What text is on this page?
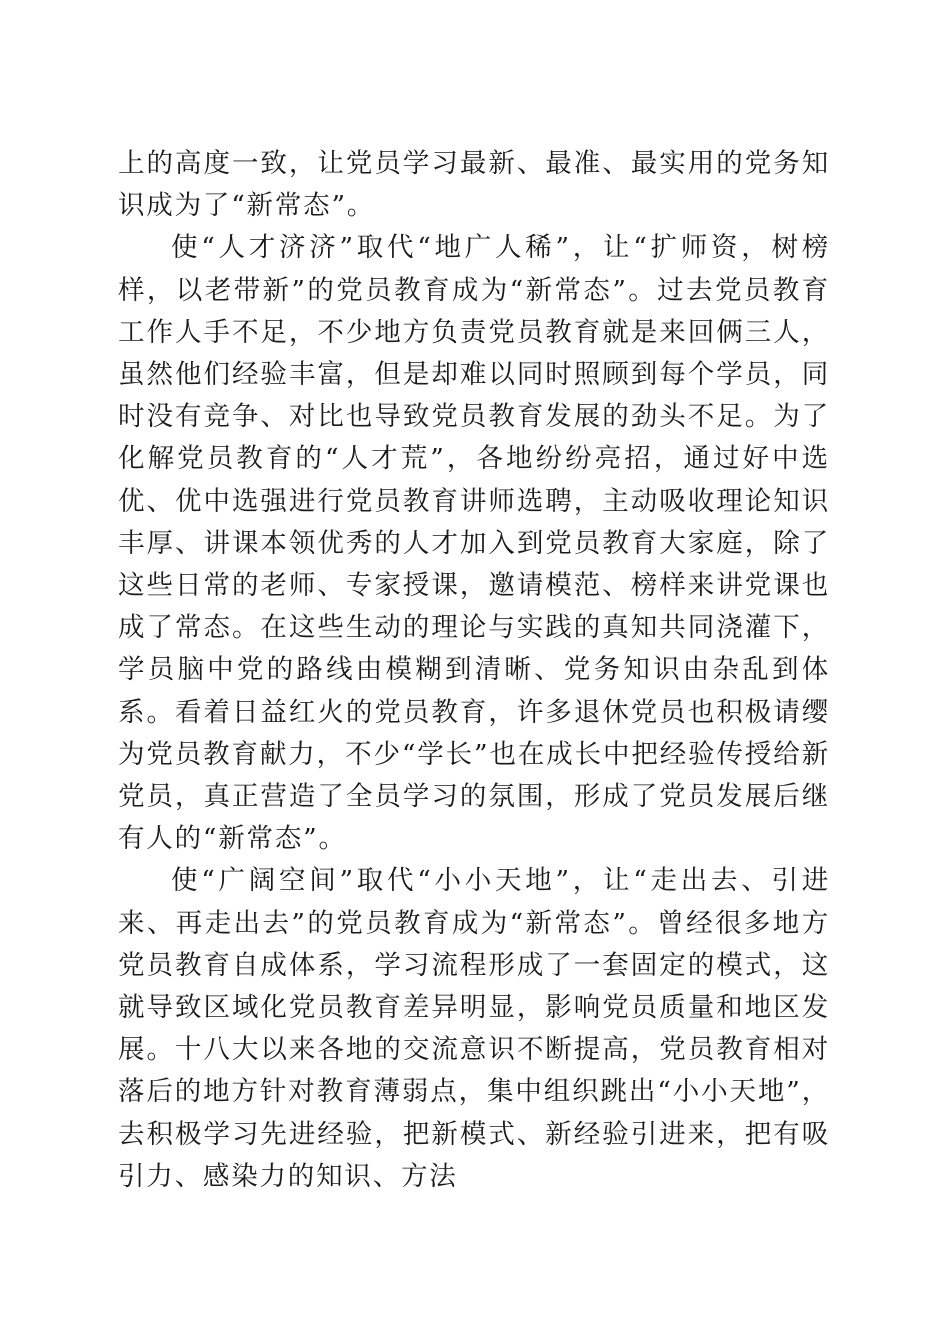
上的高度一致，让党员学习最新、最准、最实用的党务知识成为了“新常态”。

使“人才济济”取代“地广人稀”，让“扩师资，树榜样，以老带新”的党员教育成为“新常态”。过去党员教育工作人手不足，不少地方负责党员教育就是来回俩三人，虽然他们经验丰富，但是却难以同时照顾到每个学员，同时没有竞争、对比也导致党员教育发展的劲头不足。为了化解党员教育的“人才荒”，各地纷纷亮招，通过好中选优、优中选强进行党员教育讲师选聘，主动吸收理论知识丰厚、讲课本领优秀的人才加入到党员教育大家庭，除了这些日常的老师、专家授课，邀请模范、榜样来讲党课也成了常态。在这些生动的理论与实践的真知共同浇灌下，学员脑中党的路线由模糊到清晰、党务知识由杂乱到体系。看着日益红火的党员教育，许多退休党员也积极请缨为党员教育献力，不少“学长”也在成长中把经验传授给新党员，真正营造了全员学习的氛围，形成了党员发展后继有人的“新常态”。

使“广阔空间”取代“小小天地”，让“走出去、引进来、再走出去”的党员教育成为“新常态”。曾经很多地方党员教育自成体系，学习流程形成了一套固定的模式，这就导致区域化党员教育差异明显，影响党员质量和地区发展。十八大以来各地的交流意识不断提高，党员教育相对落后的地方针对教育薄弱点，集中组织跳出“小小天地”，去积极学习先进经验，把新模式、新经验引进来，把有吸引力、感染力的知识、方法
